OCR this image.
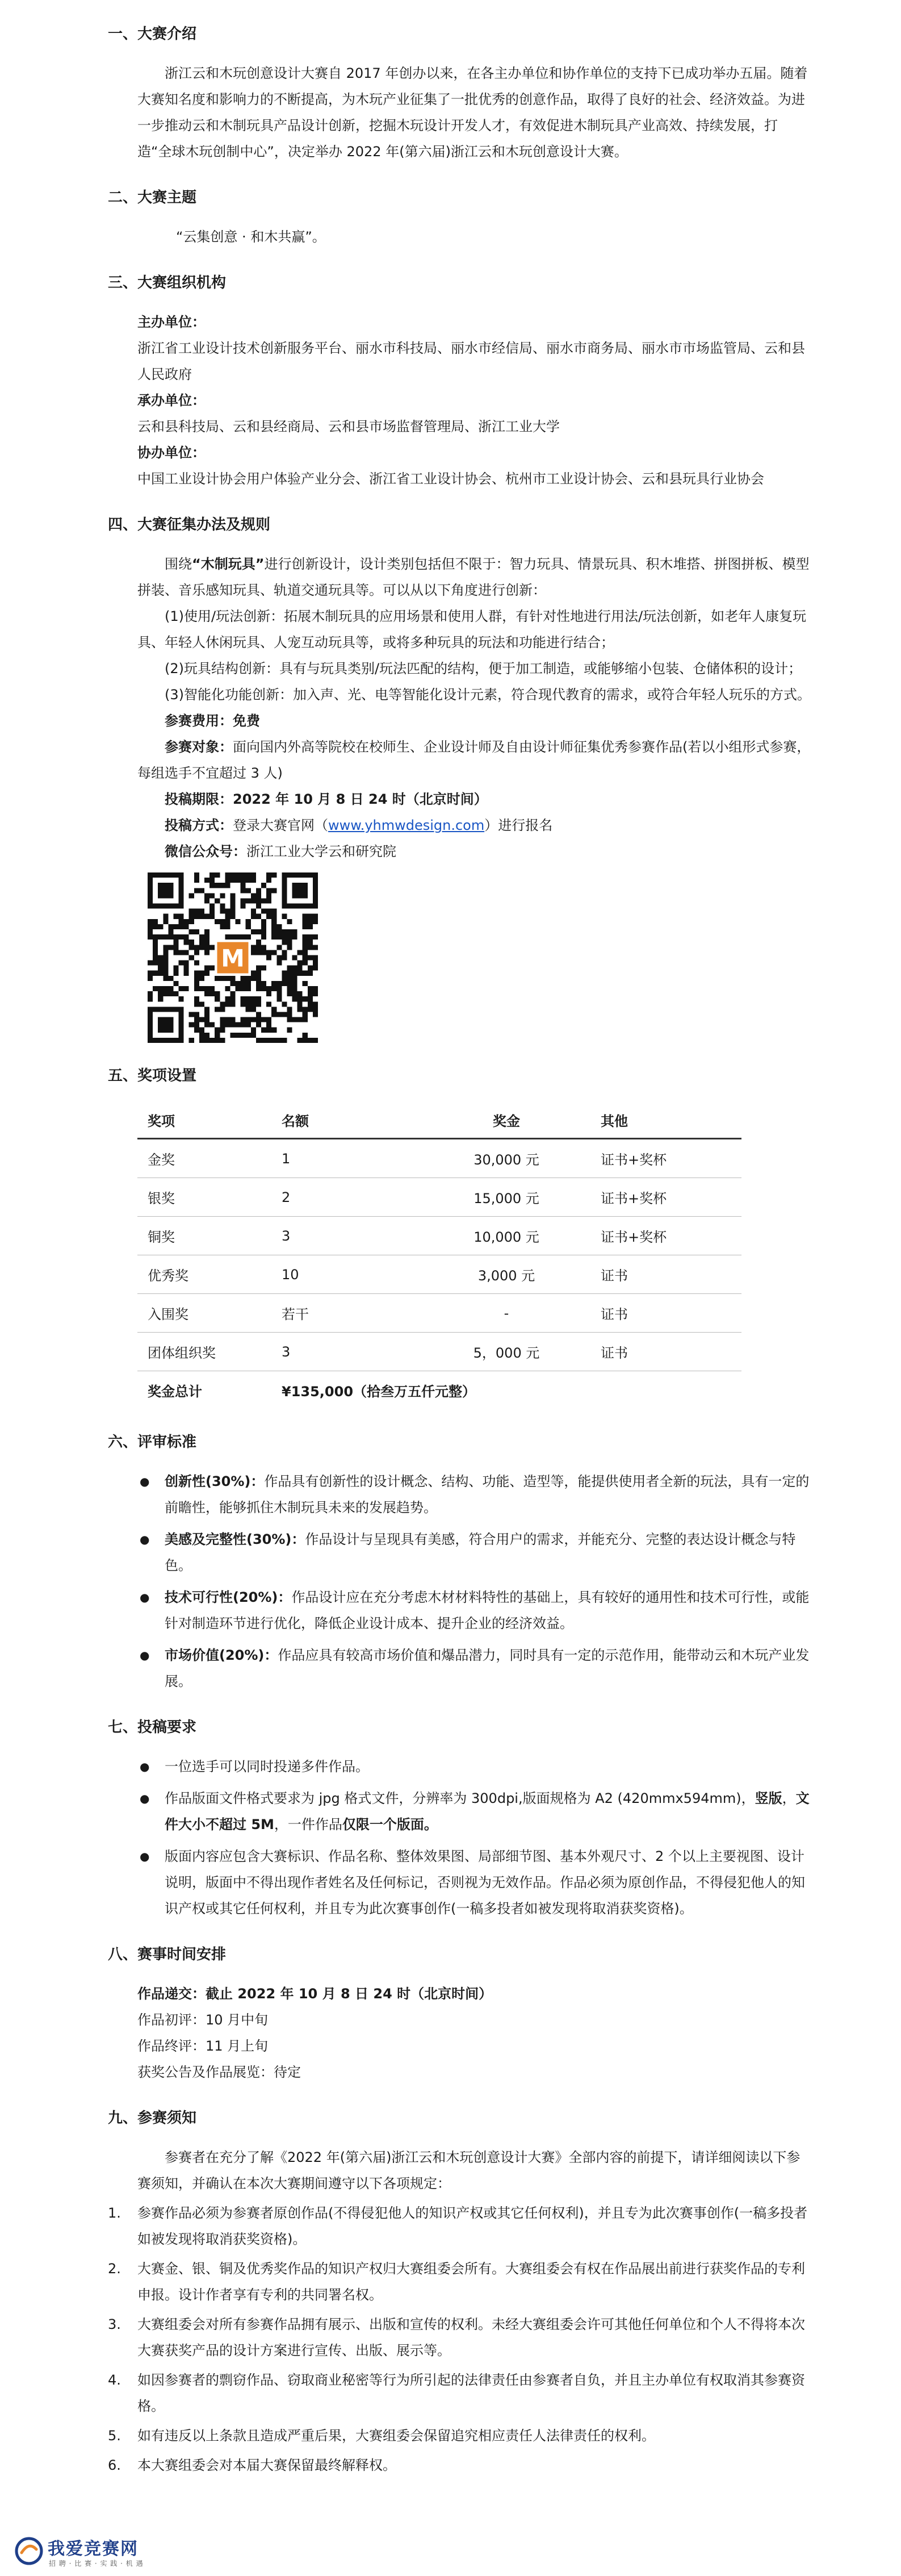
一、大赛介绍

浙江云和木玩创意设计大赛自 2017 年创办以来，在各主办单位和协作单位的支持下已成功举办五届。随着大赛知名度和影响力的不断提高，为木玩产业征集了一批优秀的创意作品，取得了良好的社会、经济效益。为进一步推动云和木制玩具产品设计创新，挖掘木玩设计开发人才，有效促进木制玩具产业高效、持续发展，打造“全球木玩创制中心”，决定举办 2022 年(第六届)浙江云和木玩创意设计大赛。

二、大赛主题

“云集创意 · 和木共赢”。

三、大赛组织机构

主办单位：

浙江省工业设计技术创新服务平台、丽水市科技局、丽水市经信局、丽水市商务局、丽水市市场监管局、云和县人民政府

承办单位：

云和县科技局、云和县经商局、云和县市场监督管理局、浙江工业大学

协办单位：

中国工业设计协会用户体验产业分会、浙江省工业设计协会、杭州市工业设计协会、云和县玩具行业协会

四、大赛征集办法及规则

围绕“木制玩具”进行创新设计，设计类别包括但不限于：智力玩具、情景玩具、积木堆搭、拼图拼板、模型拼装、音乐感知玩具、轨道交通玩具等。可以从以下角度进行创新：

(1)使用/玩法创新：拓展木制玩具的应用场景和使用人群，有针对性地进行用法/玩法创新，如老年人康复玩具、年轻人休闲玩具、人宠互动玩具等，或将多种玩具的玩法和功能进行结合；

(2)玩具结构创新：具有与玩具类别/玩法匹配的结构，便于加工制造，或能够缩小包装、仓储体积的设计；

(3)智能化功能创新：加入声、光、电等智能化设计元素，符合现代教育的需求，或符合年轻人玩乐的方式。

参赛费用：免费

参赛对象：面向国内外高等院校在校师生、企业设计师及自由设计师征集优秀参赛作品(若以小组形式参赛，每组选手不宜超过 3 人)

投稿期限：2022 年 10 月 8 日 24 时（北京时间）

投稿方式：登录大赛官网（www.yhmwdesign.com）进行报名

微信公众号：浙江工业大学云和研究院

M
五、奖项设置
奖项	名额	奖金	其他
金奖	1	30,000 元	证书+奖杯
银奖	2	15,000 元	证书+奖杯
铜奖	3	10,000 元	证书+奖杯
优秀奖	10	3,000 元	证书
入围奖	若干	-	证书
团体组织奖	3	5，000 元	证书
奖金总计	¥135,000（拾叁万五仟元整）		
六、评审标准
● 创新性(30%)：作品具有创新性的设计概念、结构、功能、造型等，能提供使用者全新的玩法，具有一定的前瞻性，能够抓住木制玩具未来的发展趋势。
● 美感及完整性(30%)：作品设计与呈现具有美感，符合用户的需求，并能充分、完整的表达设计概念与特色。
● 技术可行性(20%)：作品设计应在充分考虑木材材料特性的基础上，具有较好的通用性和技术可行性，或能针对制造环节进行优化，降低企业设计成本、提升企业的经济效益。
● 市场价值(20%)：作品应具有较高市场价值和爆品潜力，同时具有一定的示范作用，能带动云和木玩产业发展。
七、投稿要求
● 一位选手可以同时投递多件作品。
● 作品版面文件格式要求为 jpg 格式文件，分辨率为 300dpi,版面规格为 A2 (420mmx594mm)，竖版，文件大小不超过 5M，一件作品仅限一个版面。
● 版面内容应包含大赛标识、作品名称、整体效果图、局部细节图、基本外观尺寸、2 个以上主要视图、设计说明，版面中不得出现作者姓名及任何标记，否则视为无效作品。作品必须为原创作品，不得侵犯他人的知识产权或其它任何权利，并且专为此次赛事创作(一稿多投者如被发现将取消获奖资格)。
八、赛事时间安排

作品递交：截止 2022 年 10 月 8 日 24 时（北京时间）

作品初评：10 月中旬

作品终评：11 月上旬

获奖公告及作品展览：待定

九、参赛须知

参赛者在充分了解《2022 年(第六届)浙江云和木玩创意设计大赛》全部内容的前提下，请详细阅读以下参赛须知，并确认在本次大赛期间遵守以下各项规定：

1. 参赛作品必须为参赛者原创作品(不得侵犯他人的知识产权或其它任何权利)，并且专为此次赛事创作(一稿多投者如被发现将取消获奖资格)。
2. 大赛金、银、铜及优秀奖作品的知识产权归大赛组委会所有。大赛组委会有权在作品展出前进行获奖作品的专利申报。设计作者享有专利的共同署名权。
3. 大赛组委会对所有参赛作品拥有展示、出版和宣传的权利。未经大赛组委会许可其他任何单位和个人不得将本次大赛获奖产品的设计方案进行宣传、出版、展示等。
4. 如因参赛者的剽窃作品、窃取商业秘密等行为所引起的法律责任由参赛者自负，并且主办单位有权取消其参赛资格。
5. 如有违反以上条款且造成严重后果，大赛组委会保留追究相应责任人法律责任的权利。
6. 本大赛组委会对本届大赛保留最终解释权。
我爱竞赛网
招 聘 · 比 赛 · 实 践 · 机 遇
